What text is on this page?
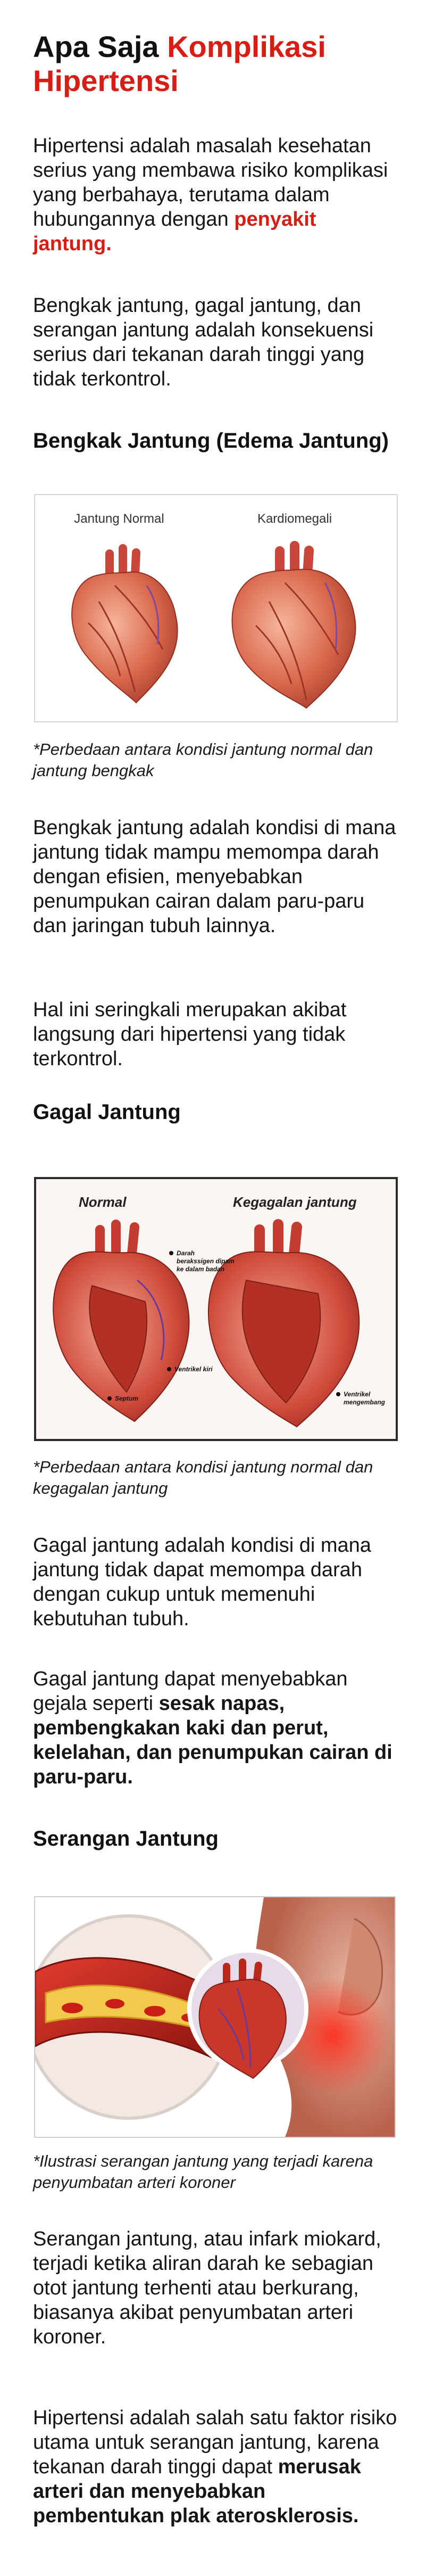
Apa Saja Komplikasi
Hipertensi

Hipertensi adalah masalah kesehatan serius yang membawa risiko komplikasi yang berbahaya, terutama dalam hubungannya dengan penyakit jantung.

Bengkak jantung, gagal jantung, dan serangan jantung adalah konsekuensi serius dari tekanan darah tinggi yang tidak terkontrol.

Bengkak Jantung (Edema Jantung)
Jantung Normal	Kardiomegali

*Perbedaan antara kondisi jantung normal dan jantung bengkak

Bengkak jantung adalah kondisi di mana jantung tidak mampu memompa darah dengan efisien, menyebabkan penumpukan cairan dalam paru-paru dan jaringan tubuh lainnya.

Hal ini seringkali merupakan akibat langsung dari hipertensi yang tidak terkontrol.

Gagal Jantung
Normal	Kegagalan jantung
Darah
berakssigen dipam
ke dalam badan
Ventrikel kiri
Septum
Ventrikel
mengembang

*Perbedaan antara kondisi jantung normal dan kegagalan jantung

Gagal jantung adalah kondisi di mana jantung tidak dapat memompa darah dengan cukup untuk memenuhi kebutuhan tubuh.

Gagal jantung dapat menyebabkan gejala seperti sesak napas, pembengkakan kaki dan perut, kelelahan, dan penumpukan cairan di paru-paru.

Serangan Jantung

*Ilustrasi serangan jantung yang terjadi karena penyumbatan arteri koroner

Serangan jantung, atau infark miokard, terjadi ketika aliran darah ke sebagian otot jantung terhenti atau berkurang, biasanya akibat penyumbatan arteri koroner.

Hipertensi adalah salah satu faktor risiko utama untuk serangan jantung, karena tekanan darah tinggi dapat merusak arteri dan menyebabkan pembentukan plak aterosklerosis.
